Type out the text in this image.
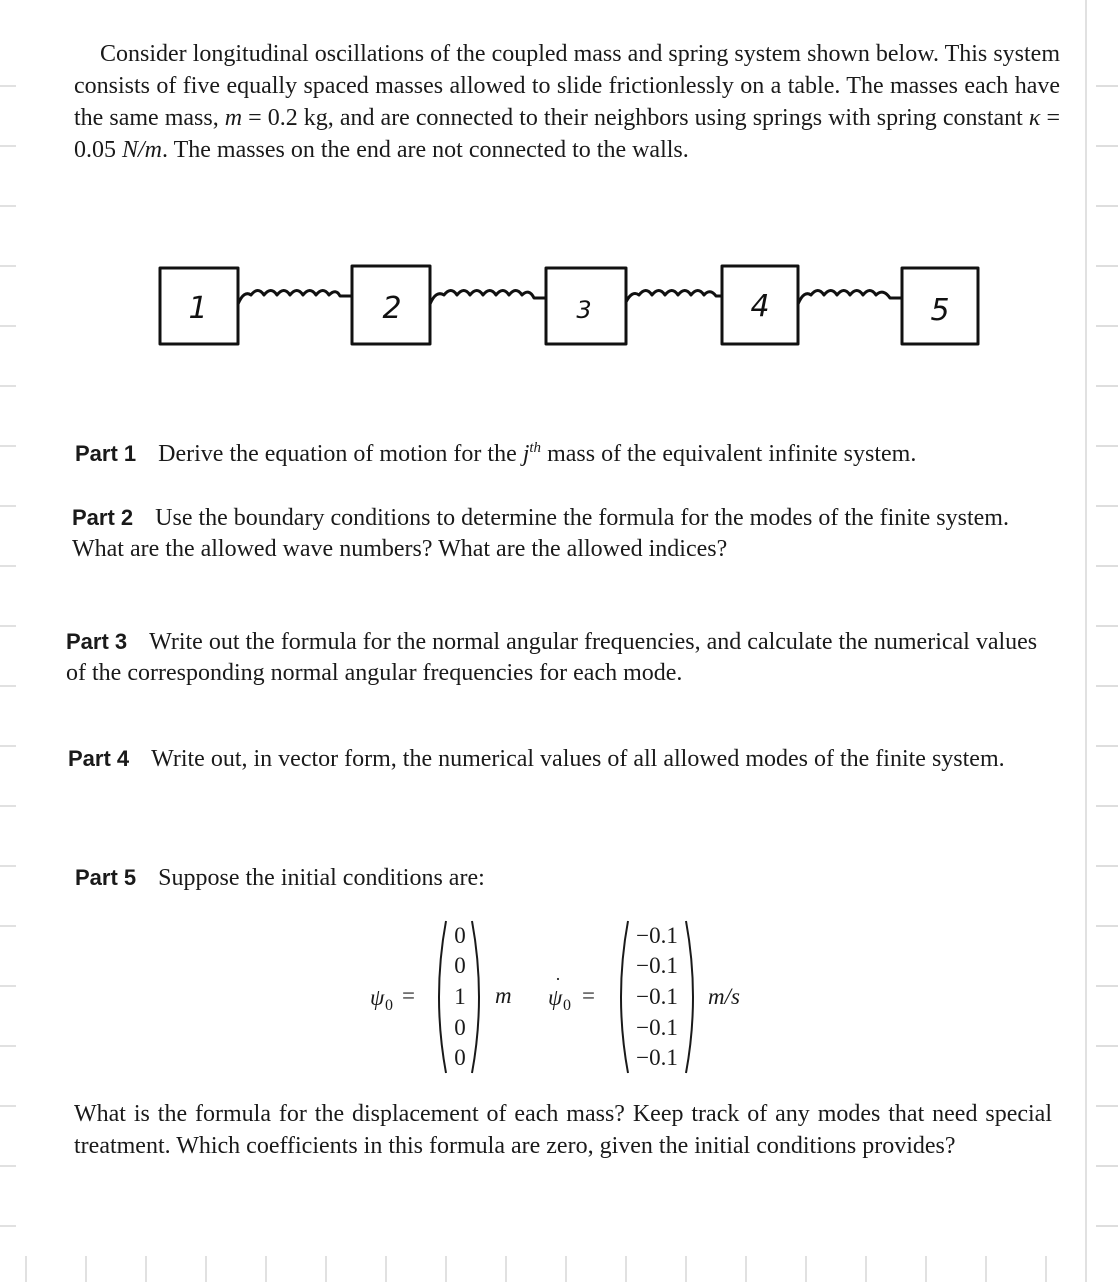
Consider longitudinal oscillations of the coupled mass and spring system shown below. This system consists of five equally spaced masses allowed to slide frictionlessly on a table. The masses each have the same mass, m = 0.2 kg, and are connected to their neighbors using springs with spring constant κ = 0.05 N/m. The masses on the end are not connected to the walls.
1	2	3	4	5
Part 1 Derive the equation of motion for the $j^{th}$ mass of the equivalent infinite system.
Part 2 Use the boundary conditions to determine the formula for the modes of the finite system. What are the allowed wave numbers? What are the allowed indices?
Part 3 Write out the formula for the normal angular frequencies, and calculate the numerical values of the corresponding normal angular frequencies for each mode.
Part 4 Write out, in vector form, the numerical values of all allowed modes of the finite system.
Part 5 Suppose the initial conditions are:
ψ 0 =
0
0
1
0
0
m ψ
·
0 =
−0.1
−0.1
−0.1
−0.1
−0.1
m/s
What is the formula for the displacement of each mass? Keep track of any modes that need special treatment. Which coefficients in this formula are zero, given the initial conditions provides?
